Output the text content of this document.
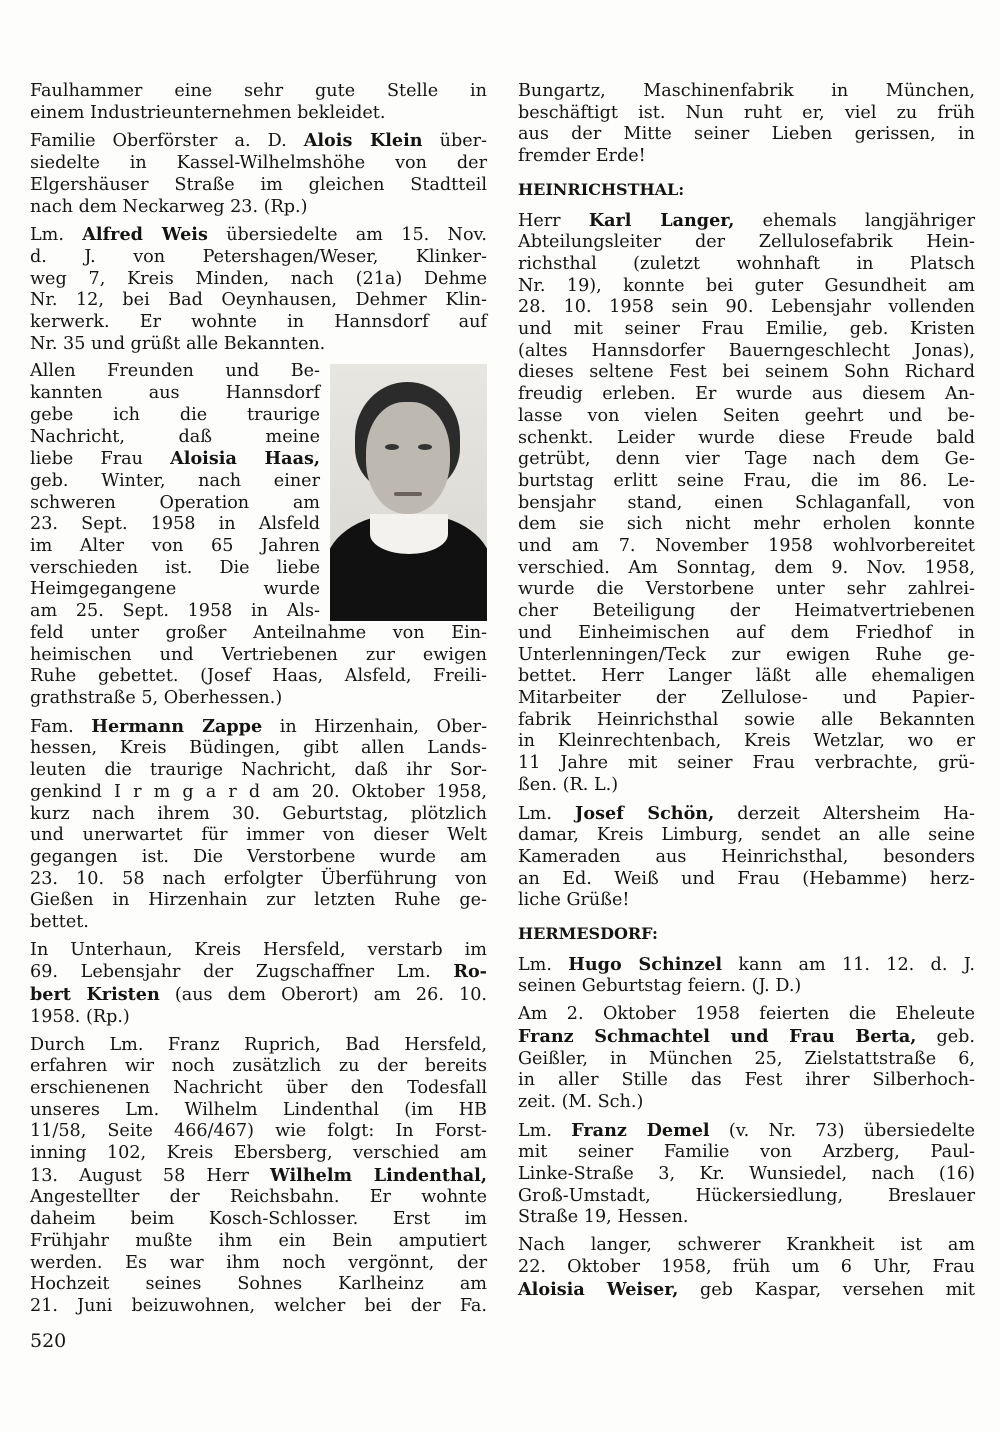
Faulhammer eine sehr gute Stelle in
einem Industrieunternehmen bekleidet.
Familie Oberförster a. D. Alois Klein über-
siedelte in Kassel-Wilhelmshöhe von der
Elgershäuser Straße im gleichen Stadtteil
nach dem Neckarweg 23. (Rp.)
Lm. Alfred Weis übersiedelte am 15. Nov.
d. J. von Petershagen/Weser, Klinker-
weg 7, Kreis Minden, nach (21a) Dehme
Nr. 12, bei Bad Oeynhausen, Dehmer Klin-
kerwerk. Er wohnte in Hannsdorf auf
Nr. 35 und grüßt alle Bekannten.
Allen Freunden und Be-
kannten aus Hannsdorf
gebe ich die traurige
Nachricht, daß meine
liebe Frau Aloisia Haas,
geb. Winter, nach einer
schweren Operation am
23. Sept. 1958 in Alsfeld
im Alter von 65 Jahren
verschieden ist. Die liebe
Heimgegangene wurde
am 25. Sept. 1958 in Als-
feld unter großer Anteilnahme von Ein-
heimischen und Vertriebenen zur ewigen
Ruhe gebettet. (Josef Haas, Alsfeld, Freili-
grathstraße 5, Oberhessen.)
Fam. Hermann Zappe in Hirzenhain, Ober-
hessen, Kreis Büdingen, gibt allen Lands-
leuten die traurige Nachricht, daß ihr Sor-
genkind I r m g a r d am 20. Oktober 1958,
kurz nach ihrem 30. Geburtstag, plötzlich
und unerwartet für immer von dieser Welt
gegangen ist. Die Verstorbene wurde am
23. 10. 58 nach erfolgter Überführung von
Gießen in Hirzenhain zur letzten Ruhe ge-
bettet.
In Unterhaun, Kreis Hersfeld, verstarb im
69. Lebensjahr der Zugschaffner Lm. Ro-
bert Kristen (aus dem Oberort) am 26. 10.
1958. (Rp.)
Durch Lm. Franz Ruprich, Bad Hersfeld,
erfahren wir noch zusätzlich zu der bereits
erschienenen Nachricht über den Todesfall
unseres Lm. Wilhelm Lindenthal (im HB
11/58, Seite 466/467) wie folgt: In Forst-
inning 102, Kreis Ebersberg, verschied am
13. August 58 Herr Wilhelm Lindenthal,
Angestellter der Reichsbahn. Er wohnte
daheim beim Kosch-Schlosser. Erst im
Frühjahr mußte ihm ein Bein amputiert
werden. Es war ihm noch vergönnt, der
Hochzeit seines Sohnes Karlheinz am
21. Juni beizuwohnen, welcher bei der Fa.
Bungartz, Maschinenfabrik in München,
beschäftigt ist. Nun ruht er, viel zu früh
aus der Mitte seiner Lieben gerissen, in
fremder Erde!
HEINRICHSTHAL:
Herr Karl Langer, ehemals langjähriger
Abteilungsleiter der Zellulosefabrik Hein-
richsthal (zuletzt wohnhaft in Platsch
Nr. 19), konnte bei guter Gesundheit am
28. 10. 1958 sein 90. Lebensjahr vollenden
und mit seiner Frau Emilie, geb. Kristen
(altes Hannsdorfer Bauerngeschlecht Jonas),
dieses seltene Fest bei seinem Sohn Richard
freudig erleben. Er wurde aus diesem An-
lasse von vielen Seiten geehrt und be-
schenkt. Leider wurde diese Freude bald
getrübt, denn vier Tage nach dem Ge-
burtstag erlitt seine Frau, die im 86. Le-
bensjahr stand, einen Schlaganfall, von
dem sie sich nicht mehr erholen konnte
und am 7. November 1958 wohlvorbereitet
verschied. Am Sonntag, dem 9. Nov. 1958,
wurde die Verstorbene unter sehr zahlrei-
cher Beteiligung der Heimatvertriebenen
und Einheimischen auf dem Friedhof in
Unterlenningen/Teck zur ewigen Ruhe ge-
bettet. Herr Langer läßt alle ehemaligen
Mitarbeiter der Zellulose- und Papier-
fabrik Heinrichsthal sowie alle Bekannten
in Kleinrechtenbach, Kreis Wetzlar, wo er
11 Jahre mit seiner Frau verbrachte, grü-
ßen. (R. L.)
Lm. Josef Schön, derzeit Altersheim Ha-
damar, Kreis Limburg, sendet an alle seine
Kameraden aus Heinrichsthal, besonders
an Ed. Weiß und Frau (Hebamme) herz-
liche Grüße!
HERMESDORF:
Lm. Hugo Schinzel kann am 11. 12. d. J.
seinen Geburtstag feiern. (J. D.)
Am 2. Oktober 1958 feierten die Eheleute
Franz Schmachtel und Frau Berta, geb.
Geißler, in München 25, Zielstattstraße 6,
in aller Stille das Fest ihrer Silberhoch-
zeit. (M. Sch.)
Lm. Franz Demel (v. Nr. 73) übersiedelte
mit seiner Familie von Arzberg, Paul-
Linke-Straße 3, Kr. Wunsiedel, nach (16)
Groß-Umstadt, Hückersiedlung, Breslauer
Straße 19, Hessen.
Nach langer, schwerer Krankheit ist am
22. Oktober 1958, früh um 6 Uhr, Frau
Aloisia Weiser, geb Kaspar, versehen mit
520
